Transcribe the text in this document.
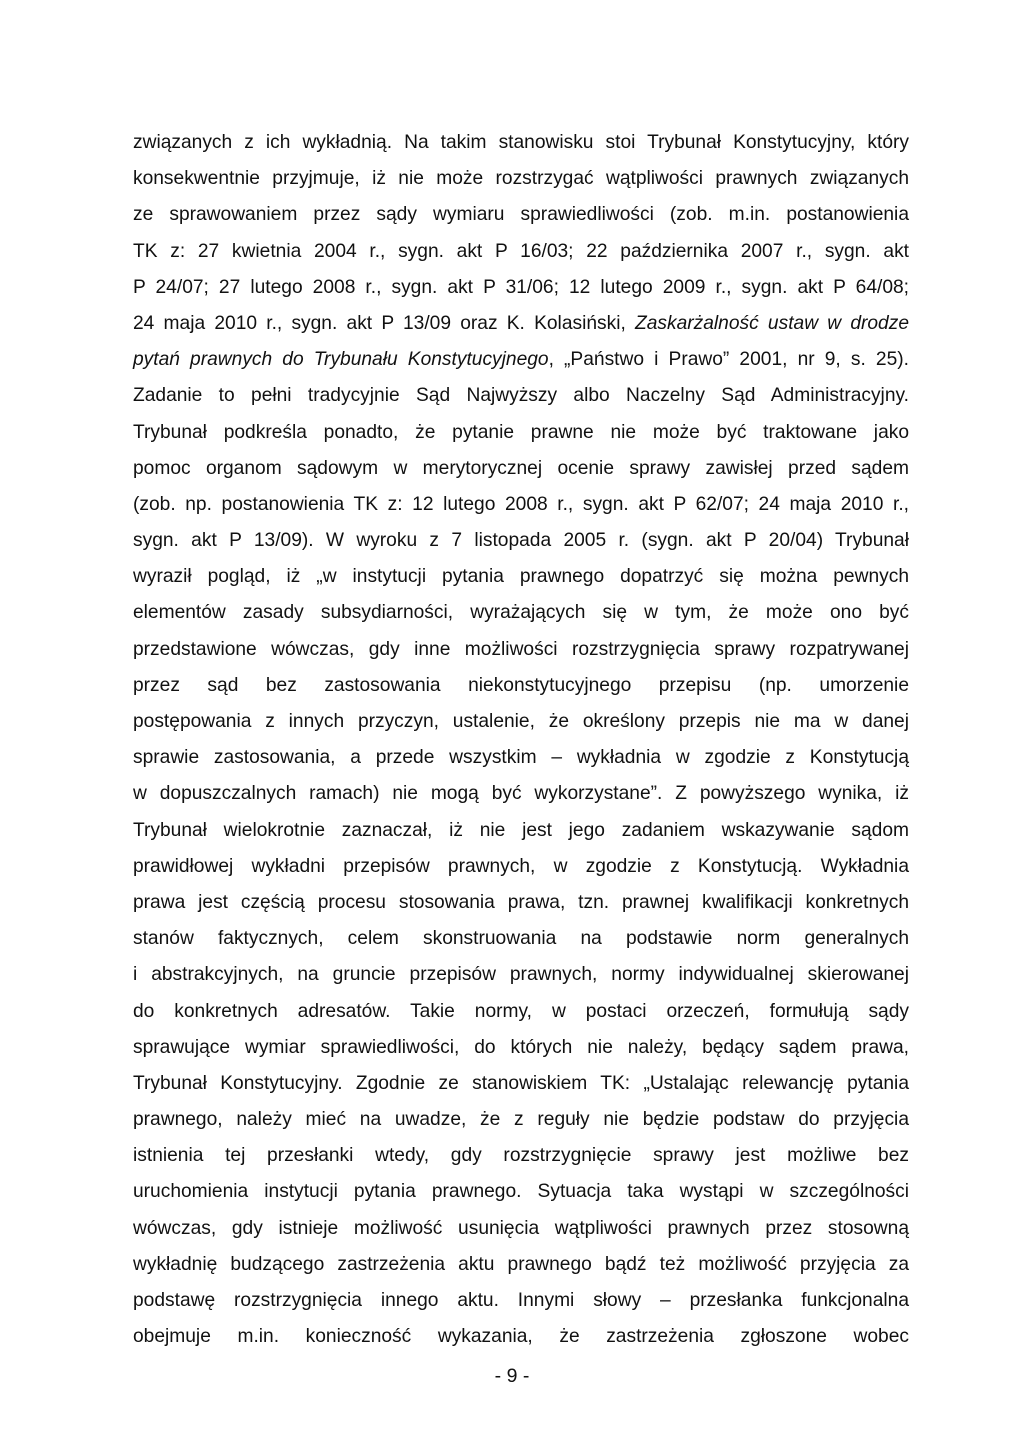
związanych z ich wykładnią. Na takim stanowisku stoi Trybunał Konstytucyjny, który
konsekwentnie przyjmuje, iż nie może rozstrzygać wątpliwości prawnych związanych
ze sprawowaniem przez sądy wymiaru sprawiedliwości (zob. m.in. postanowienia
TK z: 27 kwietnia 2004 r., sygn. akt P 16/03; 22 października 2007 r., sygn. akt
P 24/07; 27 lutego 2008 r., sygn. akt P 31/06; 12 lutego 2009 r., sygn. akt P 64/08;
24 maja 2010 r., sygn. akt P 13/09 oraz K. Kolasiński, Zaskarżalność ustaw w drodze
pytań prawnych do Trybunału Konstytucyjnego, „Państwo i Prawo” 2001, nr 9, s. 25).
Zadanie to pełni tradycyjnie Sąd Najwyższy albo Naczelny Sąd Administracyjny.
Trybunał podkreśla ponadto, że pytanie prawne nie może być traktowane jako
pomoc organom sądowym w merytorycznej ocenie sprawy zawisłej przed sądem
(zob. np. postanowienia TK z: 12 lutego 2008 r., sygn. akt P 62/07; 24 maja 2010 r.,
sygn. akt P 13/09). W wyroku z 7 listopada 2005 r. (sygn. akt P 20/04) Trybunał
wyraził pogląd, iż „w instytucji pytania prawnego dopatrzyć się można pewnych
elementów zasady subsydiarności, wyrażających się w tym, że może ono być
przedstawione wówczas, gdy inne możliwości rozstrzygnięcia sprawy rozpatrywanej
przez sąd bez zastosowania niekonstytucyjnego przepisu (np. umorzenie
postępowania z innych przyczyn, ustalenie, że określony przepis nie ma w danej
sprawie zastosowania, a przede wszystkim – wykładnia w zgodzie z Konstytucją
w dopuszczalnych ramach) nie mogą być wykorzystane”. Z powyższego wynika, iż
Trybunał wielokrotnie zaznaczał, iż nie jest jego zadaniem wskazywanie sądom
prawidłowej wykładni przepisów prawnych, w zgodzie z Konstytucją. Wykładnia
prawa jest częścią procesu stosowania prawa, tzn. prawnej kwalifikacji konkretnych
stanów faktycznych, celem skonstruowania na podstawie norm generalnych
i abstrakcyjnych, na gruncie przepisów prawnych, normy indywidualnej skierowanej
do konkretnych adresatów. Takie normy, w postaci orzeczeń, formułują sądy
sprawujące wymiar sprawiedliwości, do których nie należy, będący sądem prawa,
Trybunał Konstytucyjny. Zgodnie ze stanowiskiem TK: „Ustalając relewancję pytania
prawnego, należy mieć na uwadze, że z reguły nie będzie podstaw do przyjęcia
istnienia tej przesłanki wtedy, gdy rozstrzygnięcie sprawy jest możliwe bez
uruchomienia instytucji pytania prawnego. Sytuacja taka wystąpi w szczególności
wówczas, gdy istnieje możliwość usunięcia wątpliwości prawnych przez stosowną
wykładnię budzącego zastrzeżenia aktu prawnego bądź też możliwość przyjęcia za
podstawę rozstrzygnięcia innego aktu. Innymi słowy – przesłanka funkcjonalna
obejmuje m.in. konieczność wykazania, że zastrzeżenia zgłoszone wobec
- 9 -
